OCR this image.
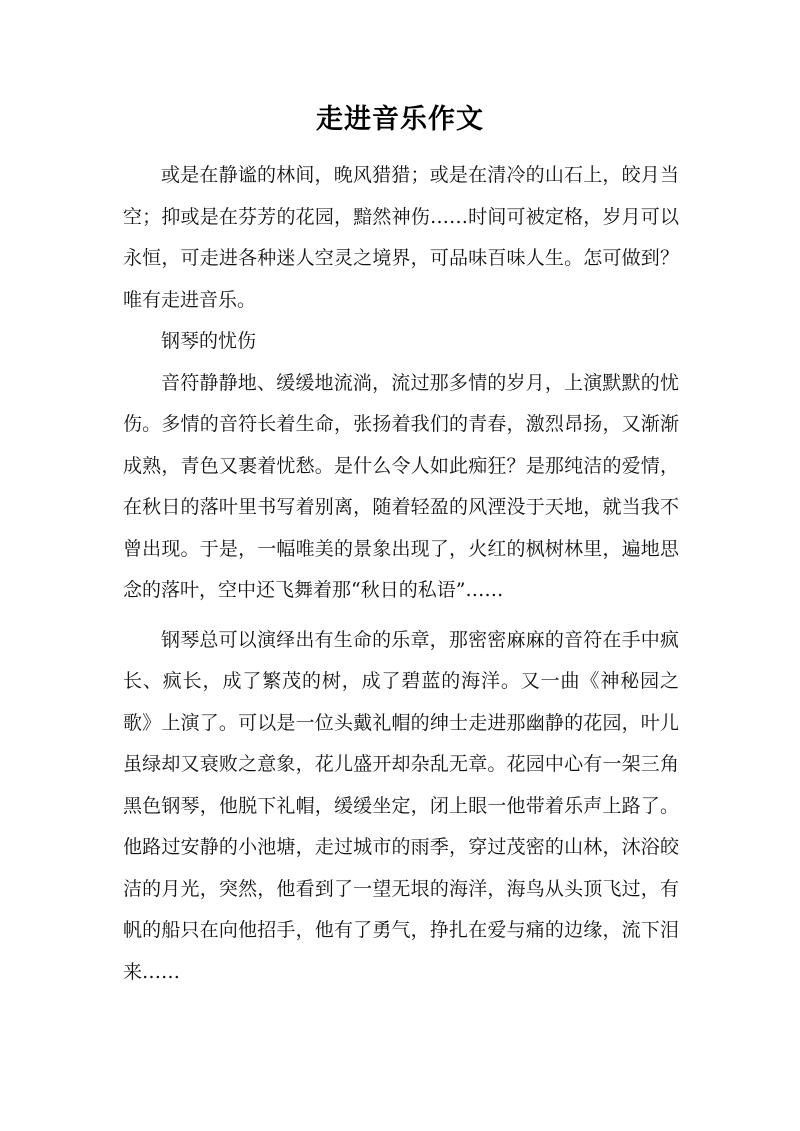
走进音乐作文

或是在静谧的林间，晚风猎猎；或是在清冷的山石上，皎月当空；抑或是在芬芳的花园，黯然神伤……时间可被定格，岁月可以永恒，可走进各种迷人空灵之境界，可品味百味人生。怎可做到？唯有走进音乐。

钢琴的忧伤

音符静静地、缓缓地流淌，流过那多情的岁月，上演默默的忧伤。多情的音符长着生命，张扬着我们的青春，激烈昂扬，又渐渐成熟，青色又裹着忧愁。是什么令人如此痴狂？是那纯洁的爱情，在秋日的落叶里书写着别离，随着轻盈的风湮没于天地，就当我不曾出现。于是，一幅唯美的景象出现了，火红的枫树林里，遍地思念的落叶，空中还飞舞着那“秋日的私语”……

钢琴总可以演绎出有生命的乐章，那密密麻麻的音符在手中疯长、疯长，成了繁茂的树，成了碧蓝的海洋。又一曲《神秘园之歌》上演了。可以是一位头戴礼帽的绅士走进那幽静的花园，叶儿虽绿却又衰败之意象，花儿盛开却杂乱无章。花园中心有一架三角黑色钢琴，他脱下礼帽，缓缓坐定，闭上眼一他带着乐声上路了。他路过安静的小池塘，走过城市的雨季，穿过茂密的山林，沐浴皎洁的月光，突然，他看到了一望无垠的海洋，海鸟从头顶飞过，有帆的船只在向他招手，他有了勇气，挣扎在爱与痛的边缘，流下泪来……
